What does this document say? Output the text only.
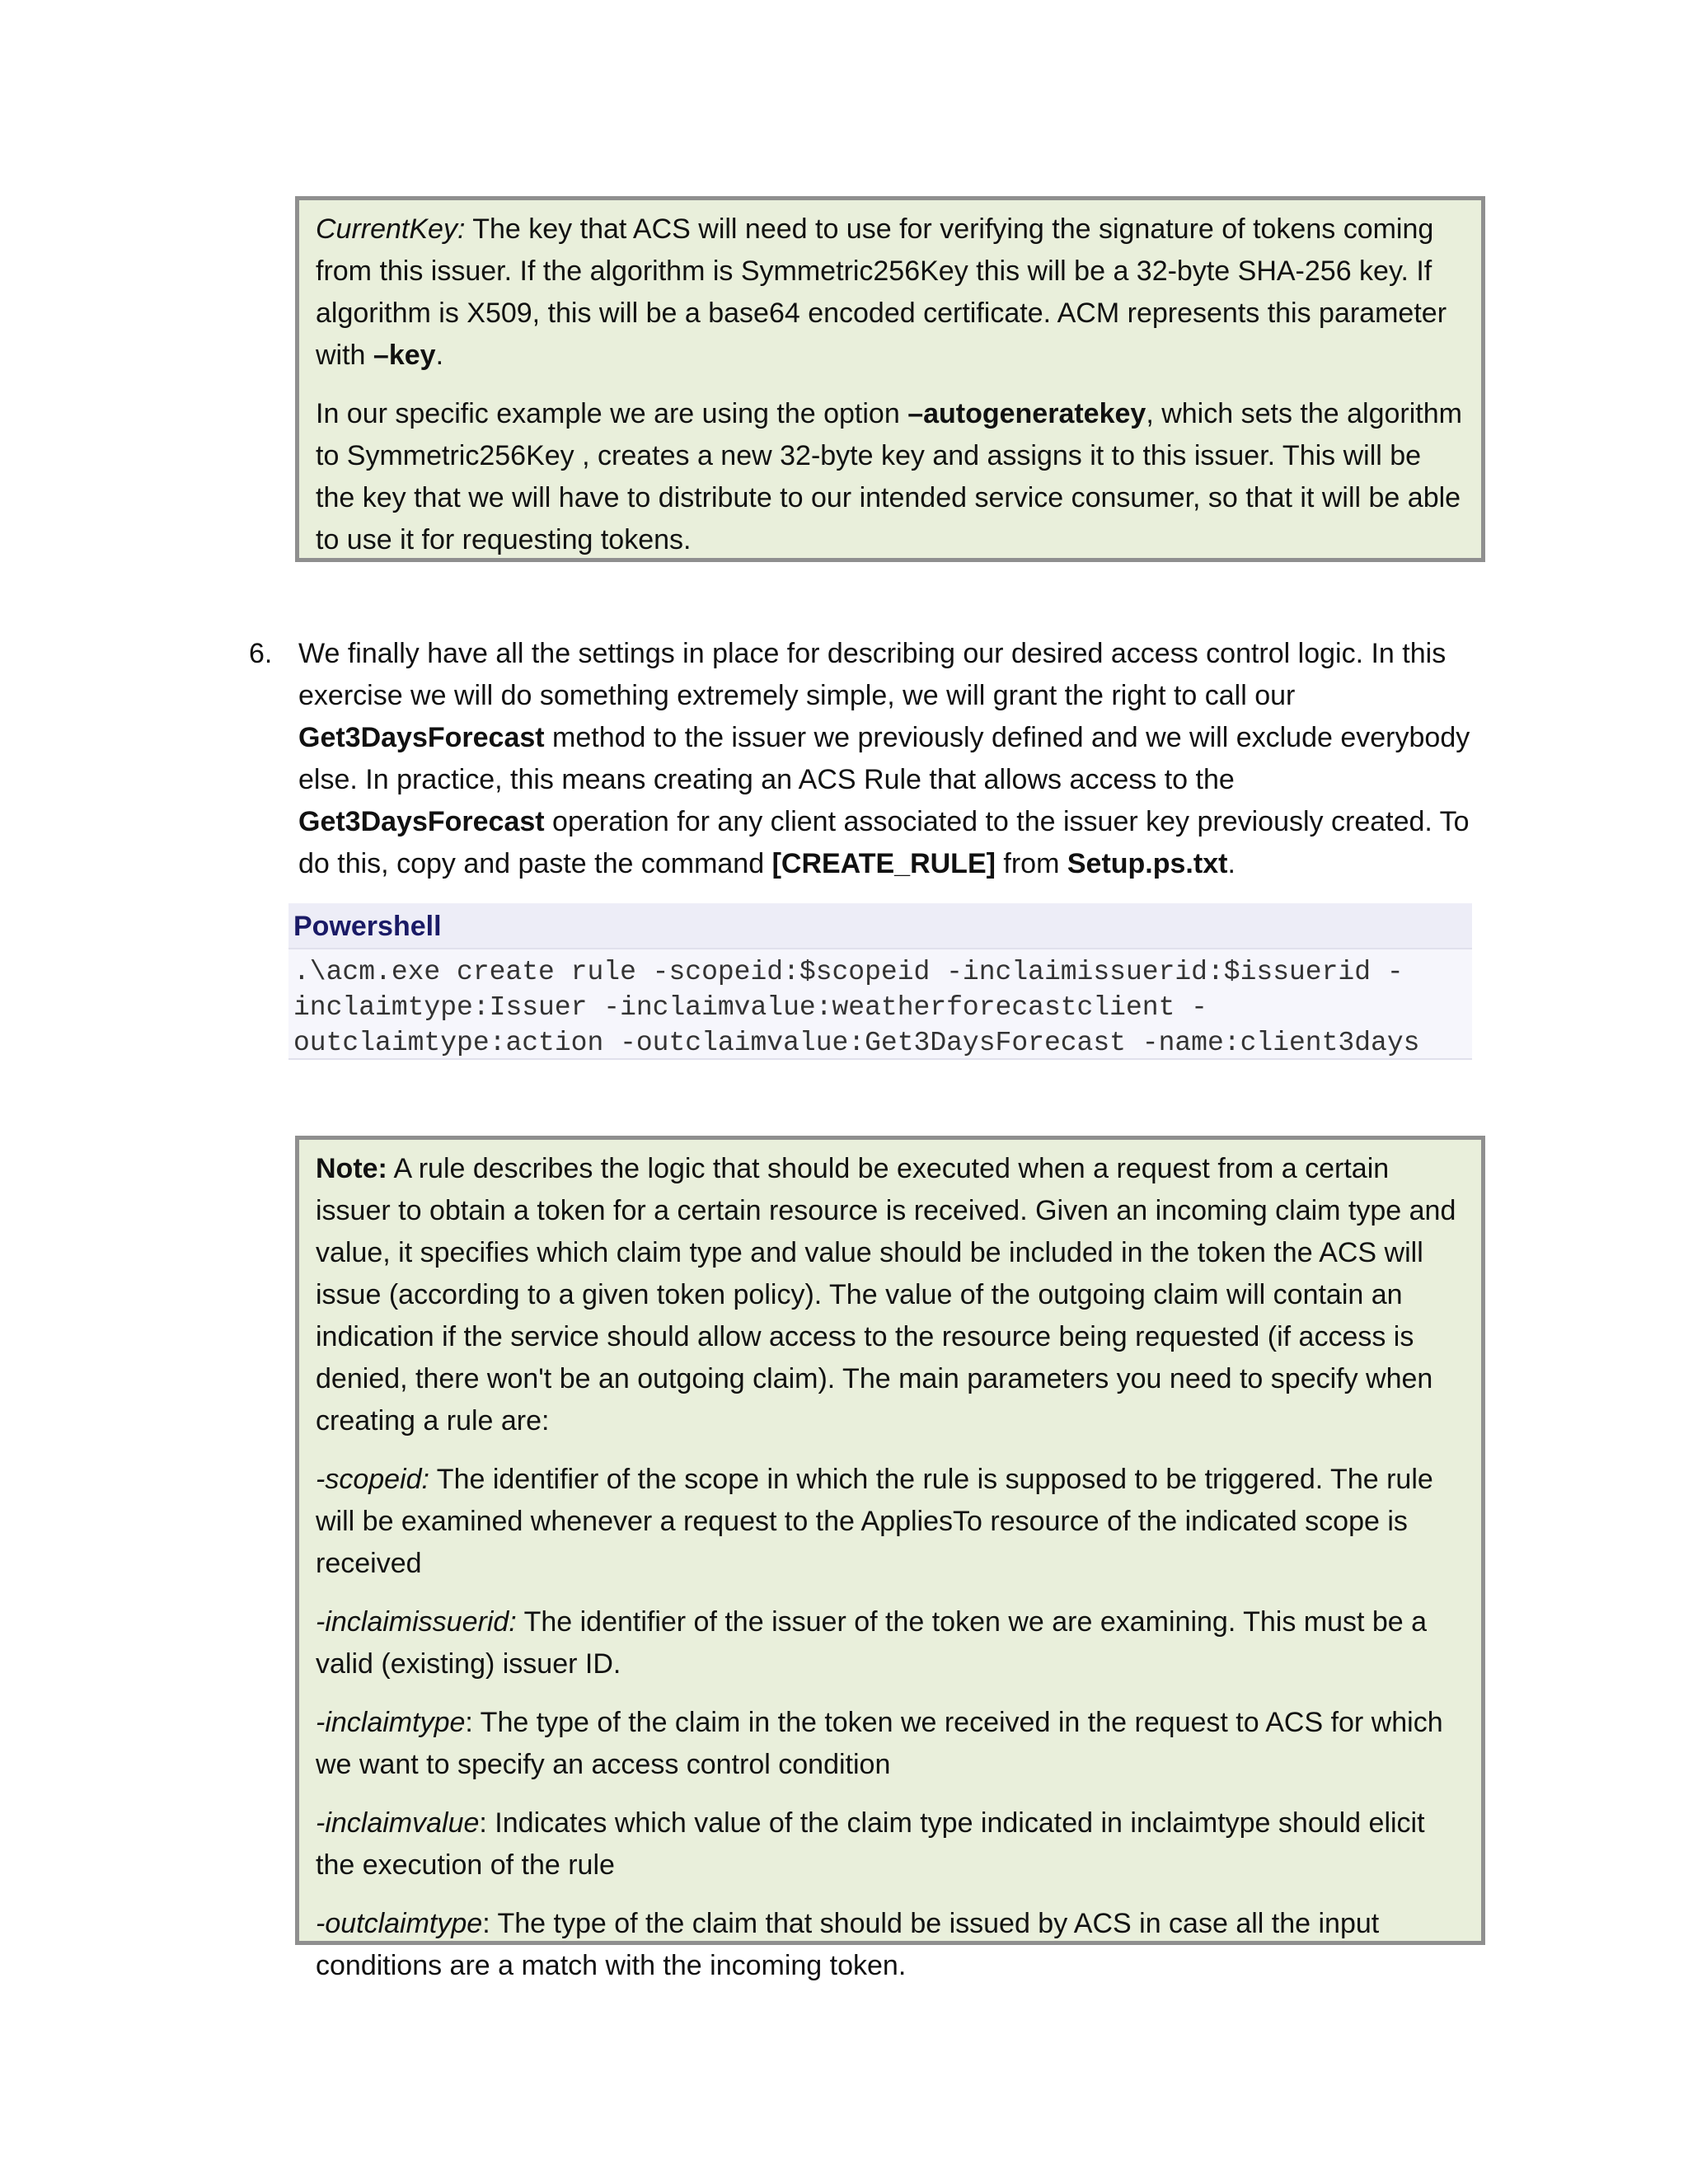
CurrentKey: The key that ACS will need to use for verifying the signature of tokens coming from this issuer. If the algorithm is Symmetric256Key this will be a 32-byte SHA-256 key. If algorithm is X509, this will be a base64 encoded certificate. ACM represents this parameter with –key.

In our specific example we are using the option –autogeneratekey, which sets the algorithm to Symmetric256Key , creates a new 32-byte key and assigns it to this issuer. This will be the key that we will have to distribute to our intended service consumer, so that it will be able to use it for requesting tokens.

6. We finally have all the settings in place for describing our desired access control logic. In this exercise we will do something extremely simple, we will grant the right to call our Get3DaysForecast method to the issuer we previously defined and we will exclude everybody else. In practice, this means creating an ACS Rule that allows access to the Get3DaysForecast operation for any client associated to the issuer key previously created. To do this, copy and paste the command [CREATE_RULE] from Setup.ps.txt.
Powershell
.\acm.exe create rule -scopeid:$scopeid -inclaimissuerid:$issuerid -
inclaimtype:Issuer -inclaimvalue:weatherforecastclient -
outclaimtype:action -outclaimvalue:Get3DaysForecast -name:client3days

Note: A rule describes the logic that should be executed when a request from a certain issuer to obtain a token for a certain resource is received. Given an incoming claim type and value, it specifies which claim type and value should be included in the token the ACS will issue (according to a given token policy). The value of the outgoing claim will contain an indication if the service should allow access to the resource being requested (if access is denied, there won't be an outgoing claim). The main parameters you need to specify when creating a rule are:

-scopeid: The identifier of the scope in which the rule is supposed to be triggered. The rule will be examined whenever a request to the AppliesTo resource of the indicated scope is received

-inclaimissuerid: The identifier of the issuer of the token we are examining. This must be a valid (existing) issuer ID.

-inclaimtype: The type of the claim in the token we received in the request to ACS for which we want to specify an access control condition

-inclaimvalue: Indicates which value of the claim type indicated in inclaimtype should elicit the execution of the rule

-outclaimtype: The type of the claim that should be issued by ACS in case all the input conditions are a match with the incoming token.
